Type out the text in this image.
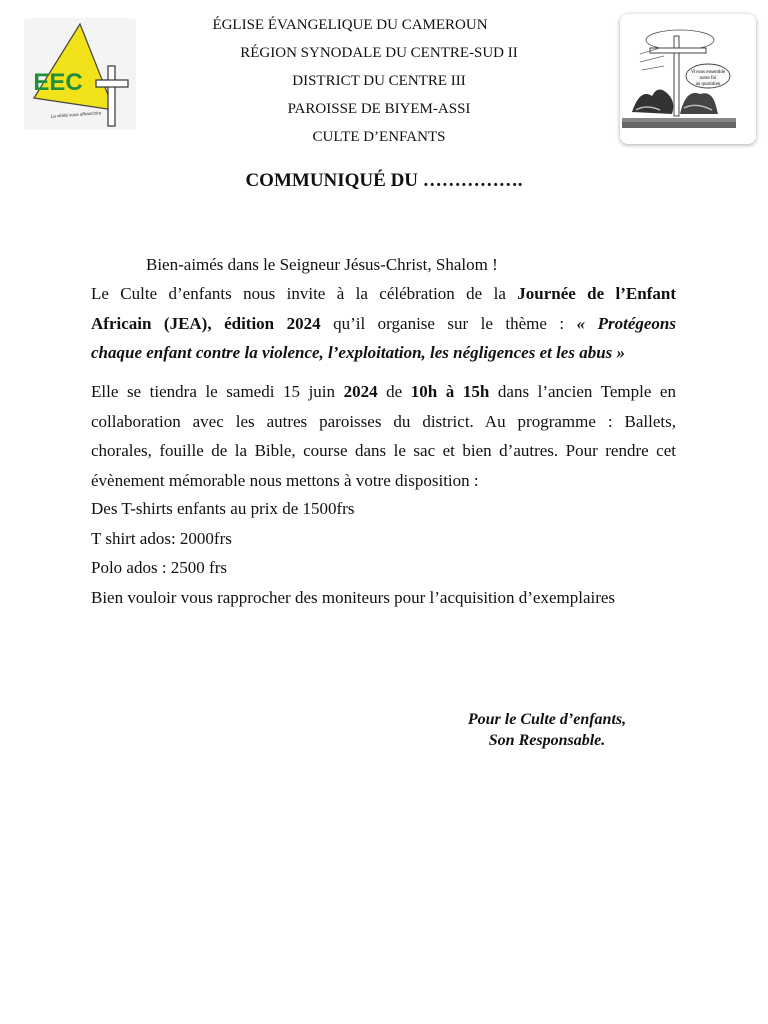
EEC
La vérité vous affranchira
Vivons ensemble
notre foi
au quotidien
ÉGLISE ÉVANGELIQUE DU CAMEROUN
RÉGION SYNODALE DU CENTRE-SUD II
DISTRICT DU CENTRE III
PAROISSE DE BIYEM-ASSI
CULTE D’ENFANTS
COMMUNIQUÉ DU …………….
Bien-aimés dans le Seigneur Jésus-Christ, Shalom !
Le Culte d’enfants nous invite à la célébration de la Journée de l’Enfant
Africain (JEA), édition 2024 qu’il organise sur le thème : « Protégeons
chaque enfant contre la violence, l’exploitation, les négligences et les abus »
Elle se tiendra le samedi 15 juin 2024 de 10h à 15h dans l’ancien Temple en
collaboration avec les autres paroisses du district. Au programme : Ballets,
chorales, fouille de la Bible, course dans le sac et bien d’autres. Pour rendre cet
évènement mémorable nous mettons à votre disposition :
Des T-shirts enfants au prix de 1500frs
T shirt ados: 2000frs
Polo ados : 2500 frs
Bien vouloir vous rapprocher des moniteurs pour l’acquisition d’exemplaires
Pour le Culte d’enfants,
Son Responsable.
